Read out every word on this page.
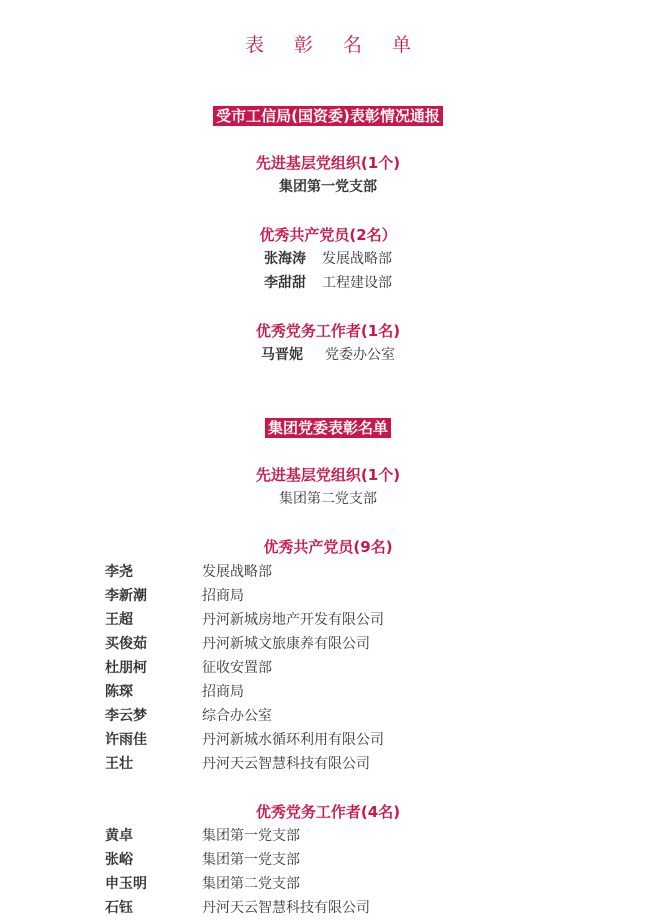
表 彰 名 单
受市工信局(国资委)表彰情况通报
先进基层党组织(1个)
集团第一党支部
优秀共产党员(2名）
张海涛 发展战略部
李甜甜 工程建设部
优秀党务工作者(1名)
马晋妮 党委办公室
集团党委表彰名单
先进基层党组织(1个)
集团第二党支部
优秀共产党员(9名)
李尧	发展战略部
李新潮	招商局
王超	丹河新城房地产开发有限公司
买俊茹	丹河新城文旅康养有限公司
杜朋柯	征收安置部
陈琛	招商局
李云梦	综合办公室
许雨佳	丹河新城水循环利用有限公司
王壮	丹河天云智慧科技有限公司
优秀党务工作者(4名)
黄卓	集团第一党支部
张峪	集团第一党支部
申玉明	集团第二党支部
石钰	丹河天云智慧科技有限公司
